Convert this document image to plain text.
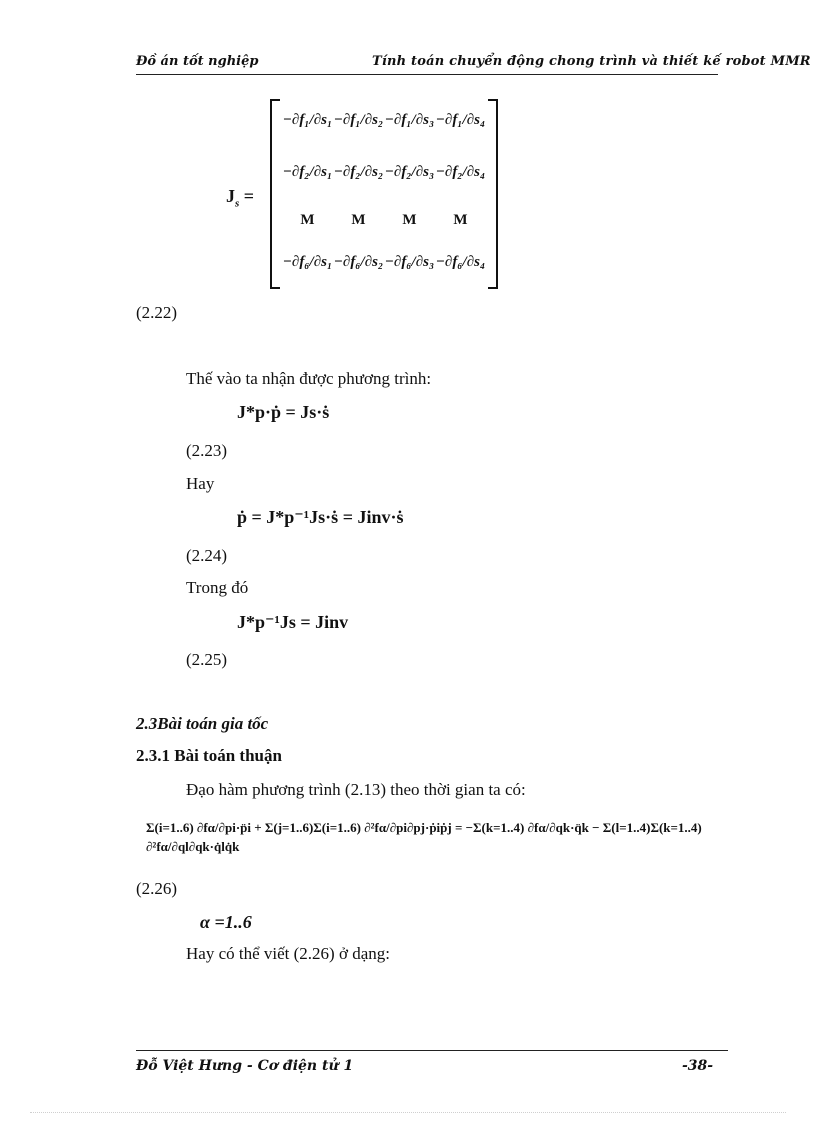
Đồ án tốt nghiệp	Tính toán chuyển động chong trình và thiết kế robot MMR
$J_s$ =
−∂f₁/∂s₁ −∂f₁/∂s₂ −∂f₁/∂s₃ −∂f₁/∂s₄
−∂f₂/∂s₁ −∂f₂/∂s₂ −∂f₂/∂s₃ −∂f₂/∂s₄
M	M	M	M
−∂f₆/∂s₁ −∂f₆/∂s₂ −∂f₆/∂s₃ −∂f₆/∂s₄
(2.22)
Thế vào ta nhận được phương trình:
J*p·ṗ = Js·ṡ
(2.23)
Hay
ṗ = J*p⁻¹Js·ṡ = Jinv·ṡ
(2.24)
Trong đó
J*p⁻¹Js = Jinv
(2.25)
2.3Bài toán gia tốc
2.3.1 Bài toán thuận
Đạo hàm phương trình (2.13) theo thời gian ta có:
Σ(i=1..6) ∂fα/∂pi·p̈i + Σ(j=1..6)Σ(i=1..6) ∂²fα/∂pi∂pj·ṗiṗj = −Σ(k=1..4) ∂fα/∂qk·q̈k − Σ(l=1..4)Σ(k=1..4) ∂²fα/∂ql∂qk·q̇lq̇k
(2.26)
α =1..6
Hay có thể viết (2.26) ở dạng:
Đỗ Việt Hưng - Cơ điện tử 1	-38-
